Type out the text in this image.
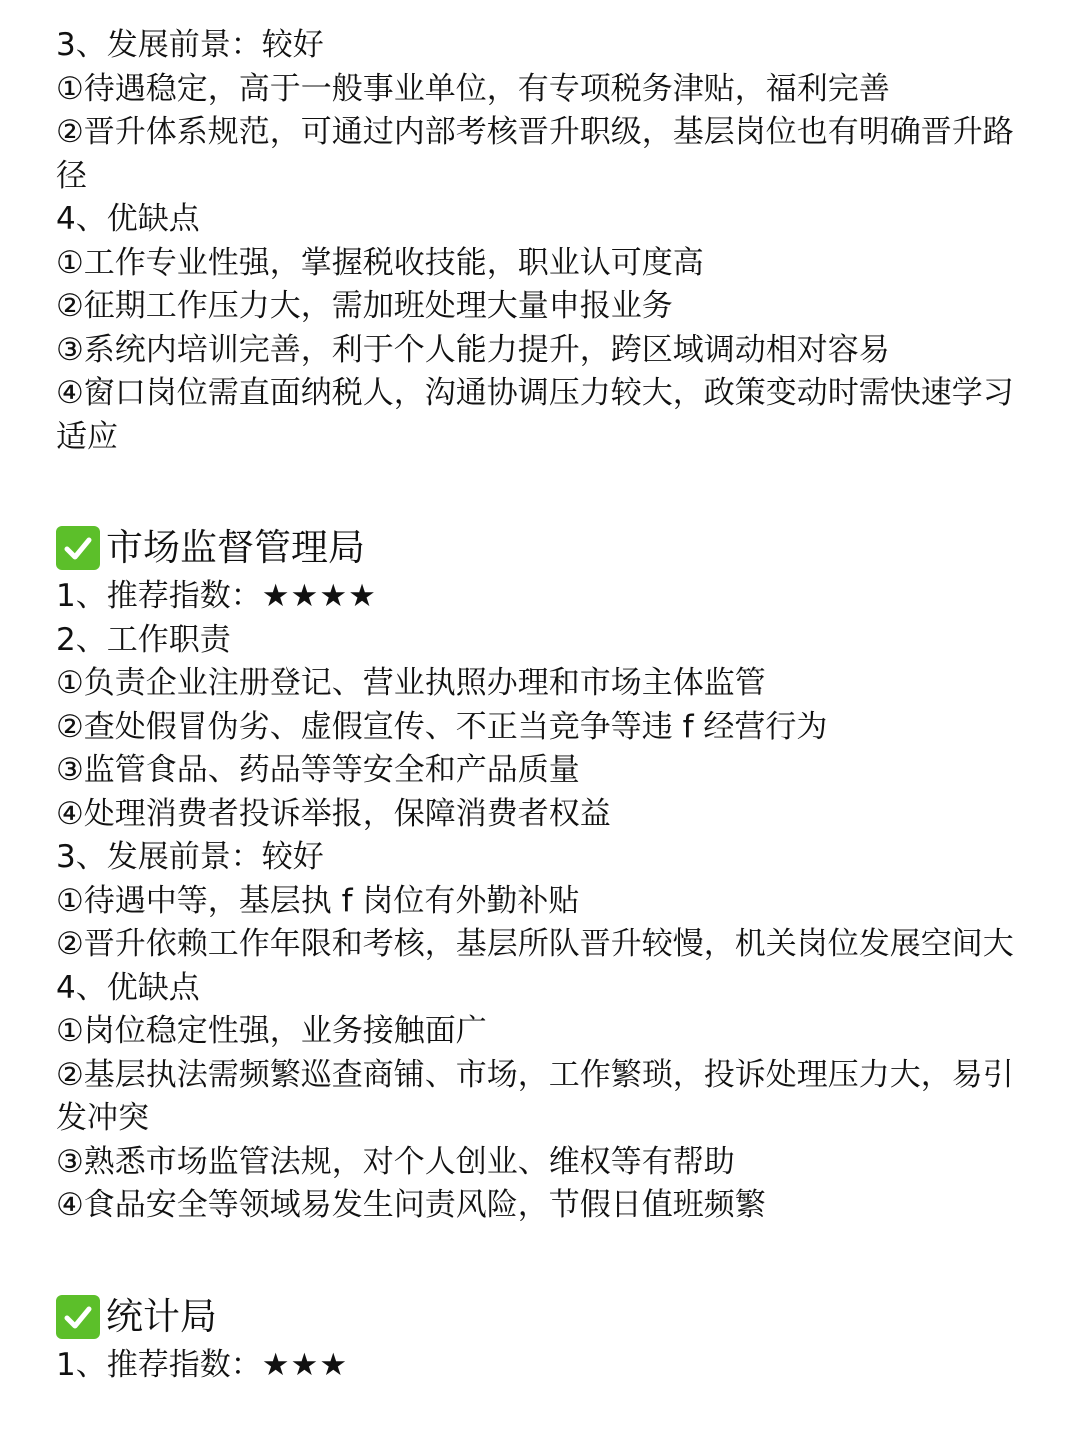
3、发展前景：较好
①待遇稳定，高于一般事业单位，有专项税务津贴，福利完善
②晋升体系规范，可通过内部考核晋升职级，基层岗位也有明确晋升路径
4、优缺点
①工作专业性强，掌握税收技能，职业认可度高
②征期工作压力大，需加班处理大量申报业务
③系统内培训完善，利于个人能力提升，跨区域调动相对容易
④窗口岗位需直面纳税人，沟通协调压力较大，政策变动时需快速学习适应
市场监督管理局
1、推荐指数：★★★★
2、工作职责
①负责企业注册登记、营业执照办理和市场主体监管
②查处假冒伪劣、虚假宣传、不正当竞争等违 f 经营行为
③监管食品、药品等等安全和产品质量
④处理消费者投诉举报，保障消费者权益
3、发展前景：较好
①待遇中等，基层执 f 岗位有外勤补贴
②晋升依赖工作年限和考核，基层所队晋升较慢，机关岗位发展空间大
4、优缺点
①岗位稳定性强，业务接触面广
②基层执法需频繁巡查商铺、市场，工作繁琐，投诉处理压力大，易引发冲突
③熟悉市场监管法规，对个人创业、维权等有帮助
④食品安全等领域易发生问责风险，节假日值班频繁
统计局
1、推荐指数：★★★
